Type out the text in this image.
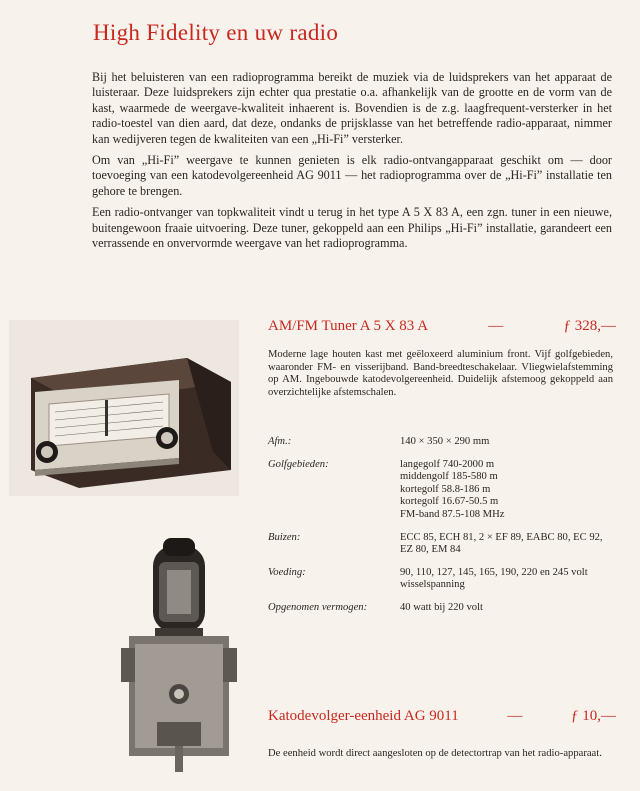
High Fidelity en uw radio

Bij het beluisteren van een radioprogramma bereikt de muziek via de luidsprekers van het apparaat de luisteraar. Deze luidsprekers zijn echter qua prestatie o.a. afhankelijk van de grootte en de vorm van de kast, waarmede de weergave-kwaliteit inhaerent is. Bovendien is de z.g. laagfrequent-versterker in het radio-toestel van dien aard, dat deze, ondanks de prijsklasse van het betreffende radio-apparaat, nimmer kan wedijveren tegen de kwaliteiten van een „Hi-Fi” versterker.

Om van „Hi-Fi” weergave te kunnen genieten is elk radio-ontvangapparaat geschikt om — door toevoeging van een katodevolgereenheid AG 9011 — het radioprogramma over de „Hi-Fi” installatie ten gehore te brengen.

Een radio-ontvanger van topkwaliteit vindt u terug in het type A 5 X 83 A, een zgn. tuner in een nieuwe, buitengewoon fraaie uitvoering. Deze tuner, gekoppeld aan een Philips „Hi-Fi” installatie, garandeert een verrassende en onvervormde weergave van het radioprogramma.

AM/FM Tuner A 5 X 83 A	—	ƒ 328,—
Moderne lage houten kast met geëloxeerd aluminium front. Vijf golfgebieden, waaronder FM- en visserijband. Band-breedteschakelaar. Vliegwielafstemming op AM. Ingebouwde katodevolgereenheid. Duidelijk afstemoog gekoppeld aan overzichtelijke afstemschalen.
Afm.:	140 × 350 × 290 mm
Golfgebieden:	langegolf 740-2000 m
middengolf 185-580 m
kortegolf 58.8-186 m
kortegolf 16.67-50.5 m
FM-band 87.5-108 MHz
Buizen:	ECC 85, ECH 81, 2 × EF 89, EABC 80, EC 92, EZ 80, EM 84
Voeding:	90, 110, 127, 145, 165, 190, 220 en 245 volt wisselspanning
Opgenomen vermogen:	40 watt bij 220 volt
Katodevolger-eenheid AG 9011	—	ƒ 10,—
De eenheid wordt direct aangesloten op de detectortrap van het radio-apparaat.
